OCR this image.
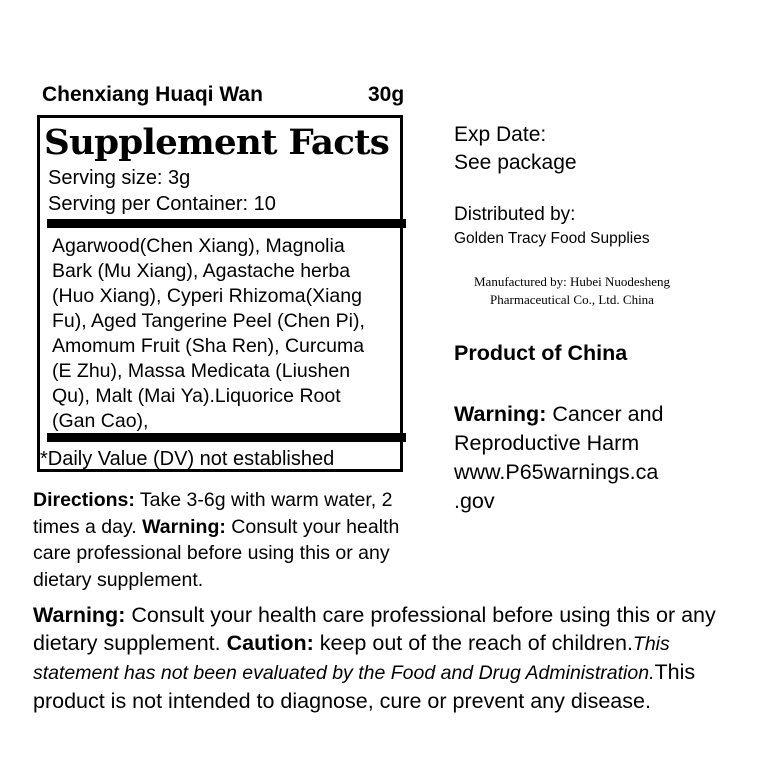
Chenxiang Huaqi Wan	30g
Supplement Facts
Serving size: 3g
Serving per Container: 10
Agarwood(Chen Xiang), Magnolia Bark (Mu Xiang), Agastache herba (Huo Xiang), Cyperi Rhizoma(Xiang Fu), Aged Tangerine Peel (Chen Pi), Amomum Fruit (Sha Ren), Curcuma (E Zhu), Massa Medicata (Liushen Qu), Malt (Mai Ya).Liquorice Root (Gan Cao),
*Daily Value (DV) not established
Exp Date:
See package
Distributed by:
Golden Tracy Food Supplies
Manufactured by: Hubei Nuodesheng
Pharmaceutical Co., Ltd. China
Product of China
Warning: Cancer and
Reproductive Harm
www.P65warnings.ca
.gov
Directions: Take 3-6g with warm water, 2 times a day. Warning: Consult your health care professional before using this or any dietary supplement.
Warning: Consult your health care professional before using this or any dietary supplement. Caution: keep out of the reach of children.This statement has not been evaluated by the Food and Drug Administration.This product is not intended to diagnose, cure or prevent any disease.
